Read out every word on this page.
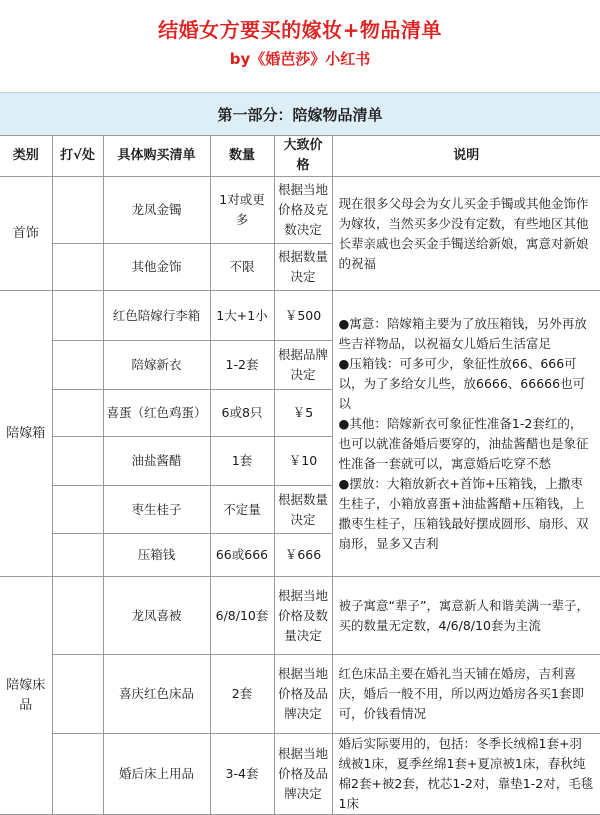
结婚女方要买的嫁妆+物品清单
by《婚芭莎》小红书
第一部分：陪嫁物品清单
类别	打√处	具体购买清单	数量	大致价格	说明
首饰		龙凤金镯	1对或更多	根据当地价格及克数决定	现在很多父母会为女儿买金手镯或其他金饰作为嫁妆，当然买多少没有定数，有些地区其他长辈亲戚也会买金手镯送给新娘，寓意对新娘的祝福
		其他金饰	不限	根据数量决定	
陪嫁箱		红色陪嫁行李箱	1大+1小	￥500	●寓意：陪嫁箱主要为了放压箱钱，另外再放些吉祥物品，以祝福女儿婚后生活富足
●压箱钱：可多可少，象征性放66、666可以，为了多给女儿些，放6666、66666也可以
●其他：陪嫁新衣可象征性准备1-2套红的，也可以就准备婚后要穿的，油盐酱醋也是象征性准备一套就可以，寓意婚后吃穿不愁
●摆放：大箱放新衣+首饰+压箱钱，上撒枣生桂子，小箱放喜蛋+油盐酱醋+压箱钱，上撒枣生桂子，压箱钱最好摆成圆形、扇形、双扇形，显多又吉利

		陪嫁新衣	1-2套	根据品牌决定	
		喜蛋（红色鸡蛋）	6或8只	￥5	
		油盐酱醋	1套	￥10	
		枣生桂子	不定量	根据数量决定	
		压箱钱	66或666	￥666	
陪嫁床品		龙凤喜被	6/8/10套	根据当地价格及数量决定	被子寓意“辈子”，寓意新人和谐美满一辈子，买的数量无定数，4/6/8/10套为主流
		喜庆红色床品	2套	根据当地价格及品牌决定	红色床品主要在婚礼当天铺在婚房，吉利喜庆，婚后一般不用，所以两边婚房各买1套即可，价钱看情况
		婚后床上用品	3-4套	根据当地价格及品牌决定	婚后实际要用的，包括：冬季长绒棉1套+羽绒被1床，夏季丝绵1套+夏凉被1床，春秋纯棉2套+被2套，枕芯1-2对，靠垫1-2对，毛毯1床
